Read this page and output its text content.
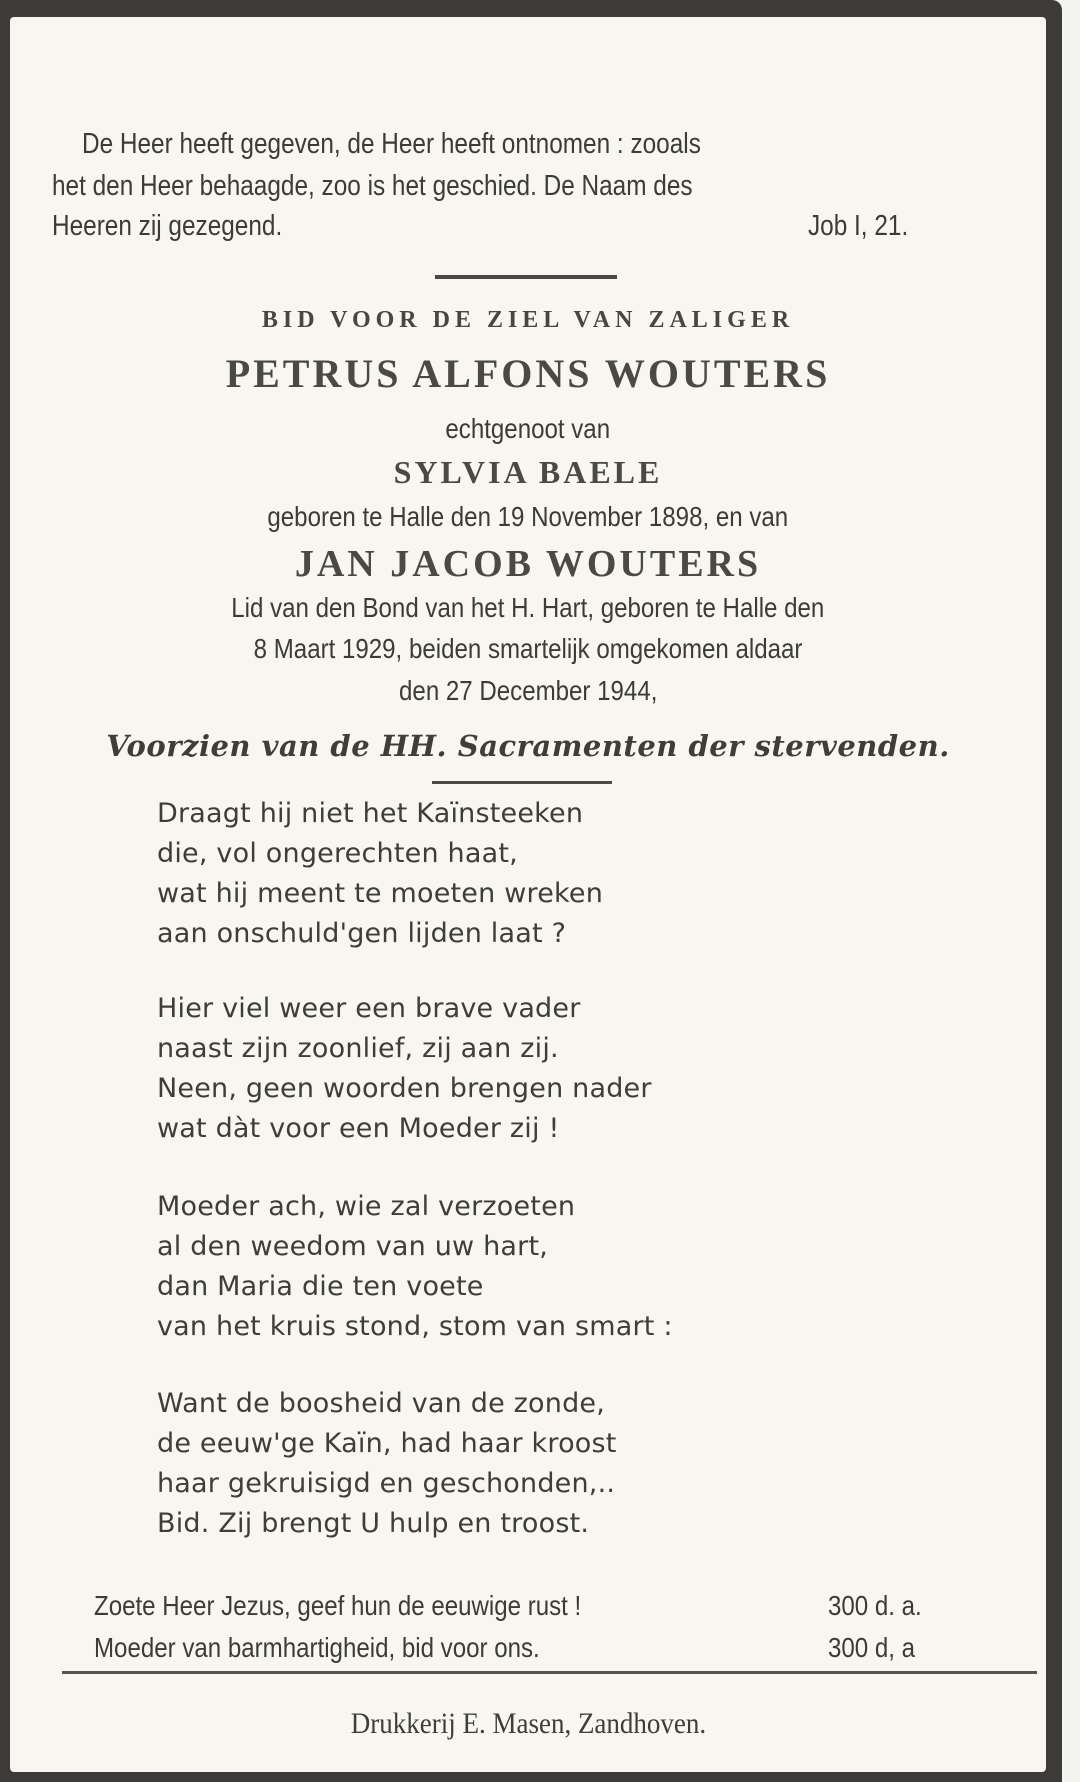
De Heer heeft gegeven, de Heer heeft ontnomen : zooals
het den Heer behaagde, zoo is het geschied. De Naam des
Heeren zij gezegend.	Job I, 21.
BID VOOR DE ZIEL VAN ZALIGER
PETRUS ALFONS WOUTERS
echtgenoot van
SYLVIA BAELE
geboren te Halle den 19 November 1898, en van
JAN JACOB WOUTERS
Lid van den Bond van het H. Hart, geboren te Halle den
8 Maart 1929, beiden smartelijk omgekomen aldaar
den 27 December 1944,
Voorzien van de HH. Sacramenten der stervenden.
Draagt hij niet het Kaïnsteeken
die, vol ongerechten haat,
wat hij meent te moeten wreken
aan onschuld'gen lijden laat ?
Hier viel weer een brave vader
naast zijn zoonlief, zij aan zij.
Neen, geen woorden brengen nader
wat dàt voor een Moeder zij !
Moeder ach, wie zal verzoeten
al den weedom van uw hart,
dan Maria die ten voete
van het kruis stond, stom van smart :
Want de boosheid van de zonde,
de eeuw'ge Kaïn, had haar kroost
haar gekruisigd en geschonden,..
Bid. Zij brengt U hulp en troost.
Zoete Heer Jezus, geef hun de eeuwige rust !	300 d. a.
Moeder van barmhartigheid, bid voor ons.	300 d, a
Drukkerij E. Masen, Zandhoven.
